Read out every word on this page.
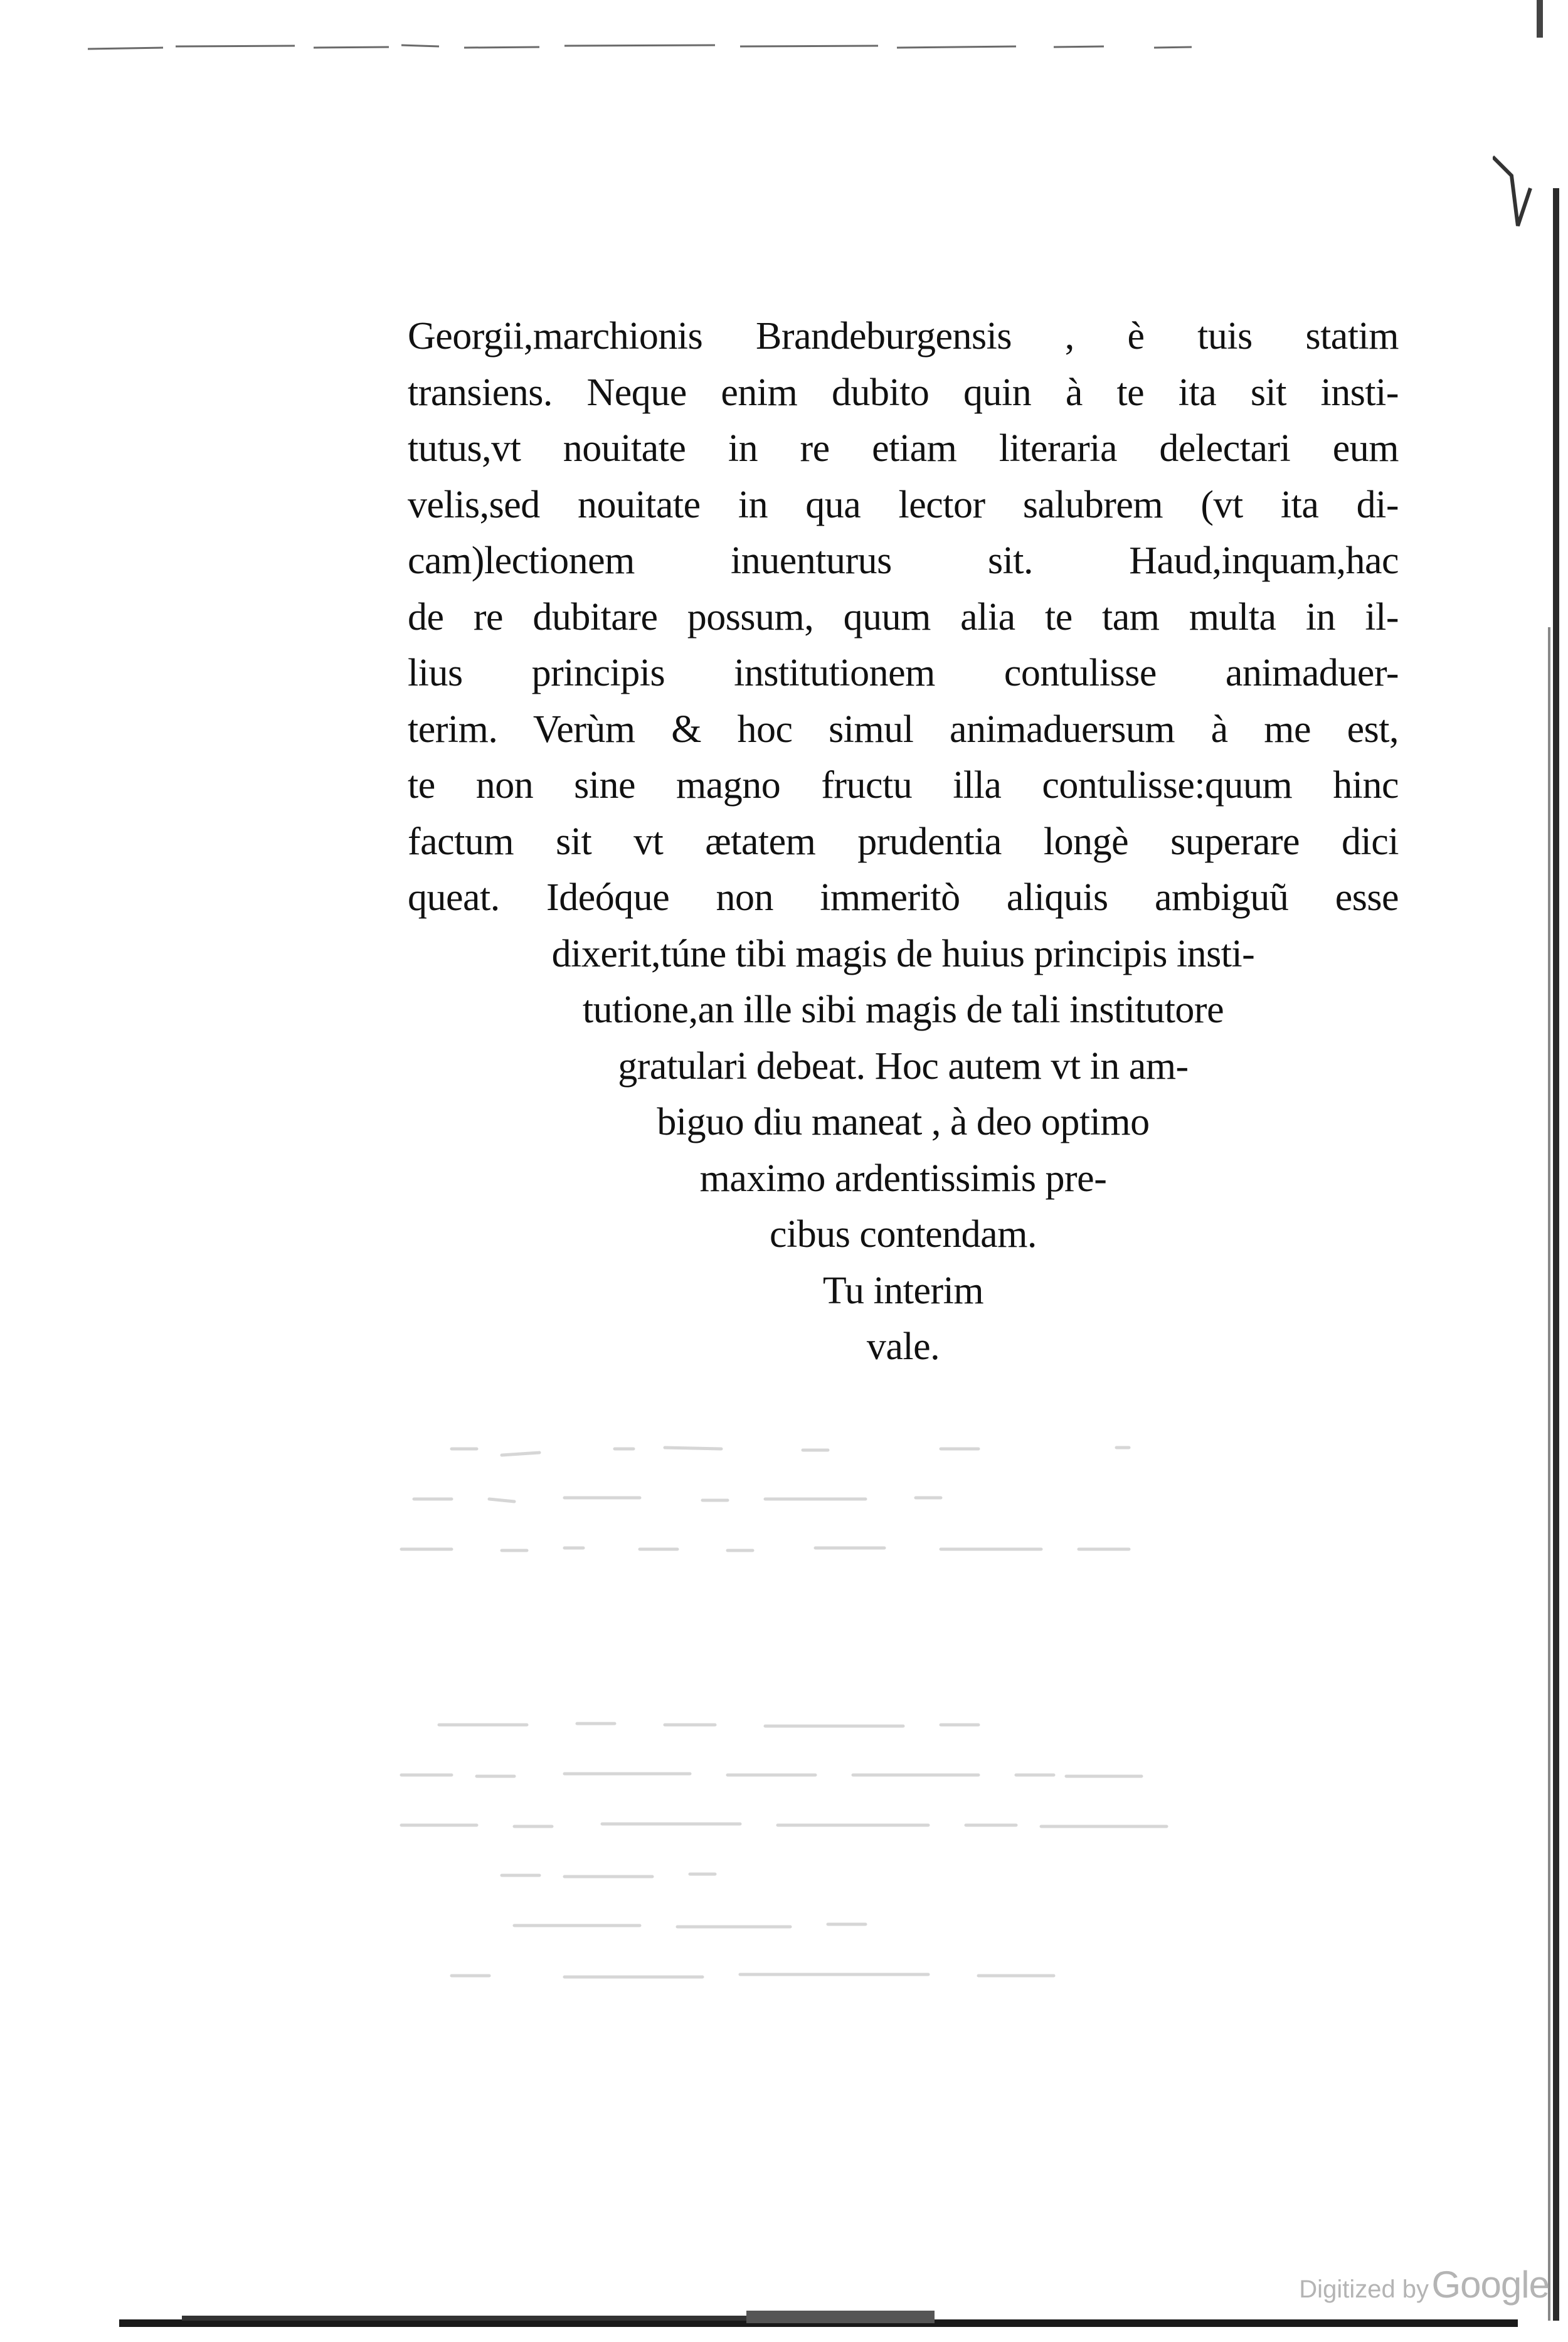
Georgii,marchionis Brandeburgensis , è tuis statim
transiens. Neque enim dubito quin à te ita sit insti-
tutus,vt nouitate in re etiam literaria delectari eum
velis,sed nouitate in qua lector salubrem (vt ita di-
cam)lectionem inuenturus sit. Haud,inquam,hac
de re dubitare possum, quum alia te tam multa in il-
lius principis institutionem contulisse animaduer-
terim. Verùm & hoc simul animaduersum à me est,
te non sine magno fructu illa contulisse:quum hinc
factum sit vt ætatem prudentia longè superare dici
queat. Ideóque non immeritò aliquis ambiguũ esse
dixerit,túne tibi magis de huius principis insti-
tutione,an ille sibi magis de tali institutore
gratulari debeat. Hoc autem vt in am-
biguo diu maneat , à deo optimo
maximo ardentissimis pre-
cibus contendam.
Tu interim
vale.
Digitized by Google
